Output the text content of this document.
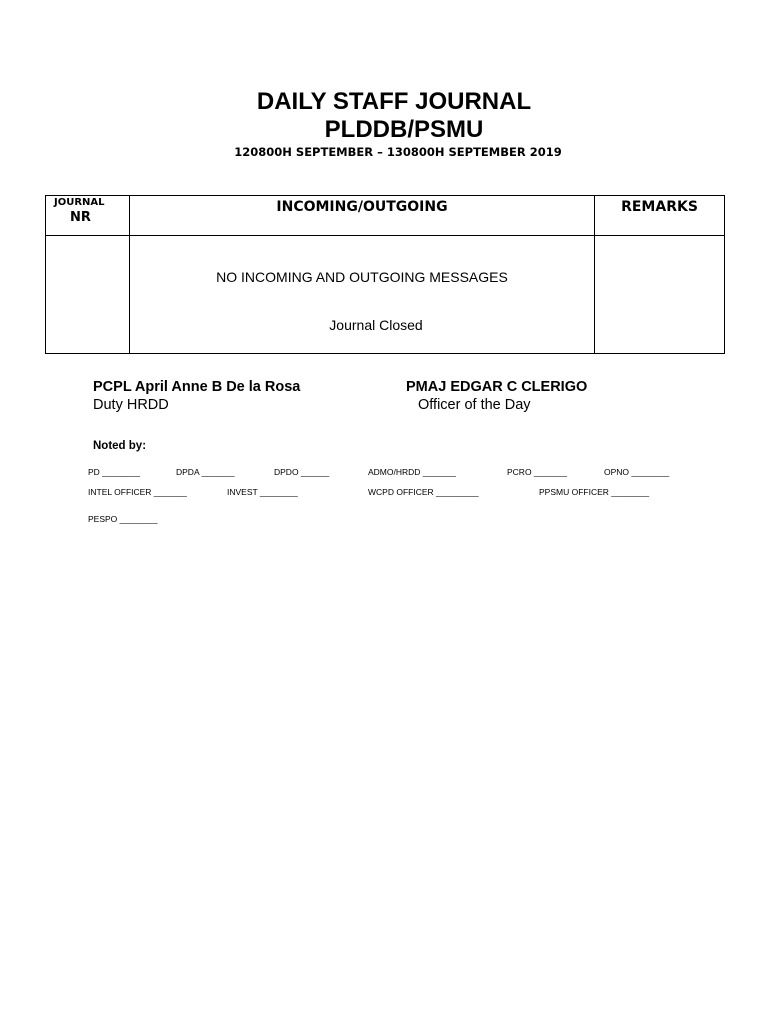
DAILY STAFF JOURNAL
PLDDB/PSMU
120800H SEPTEMBER – 130800H SEPTEMBER 2019
JOURNAL
NR	INCOMING/OUTGOING	REMARKS
	NO INCOMING AND OUTGOING MESSAGES	
Journal Closed
PCPL April Anne B De la Rosa
Duty HRDD
PMAJ EDGAR C CLERIGO
Officer of the Day
Noted by:
PD ________	DPDA _______	DPDO ______	ADMO/HRDD _______	PCRO _______	OPNO ________
INTEL OFFICER _______	INVEST ________	WCPD OFFICER _________	PPSMU OFFICER ________
PESPO ________
